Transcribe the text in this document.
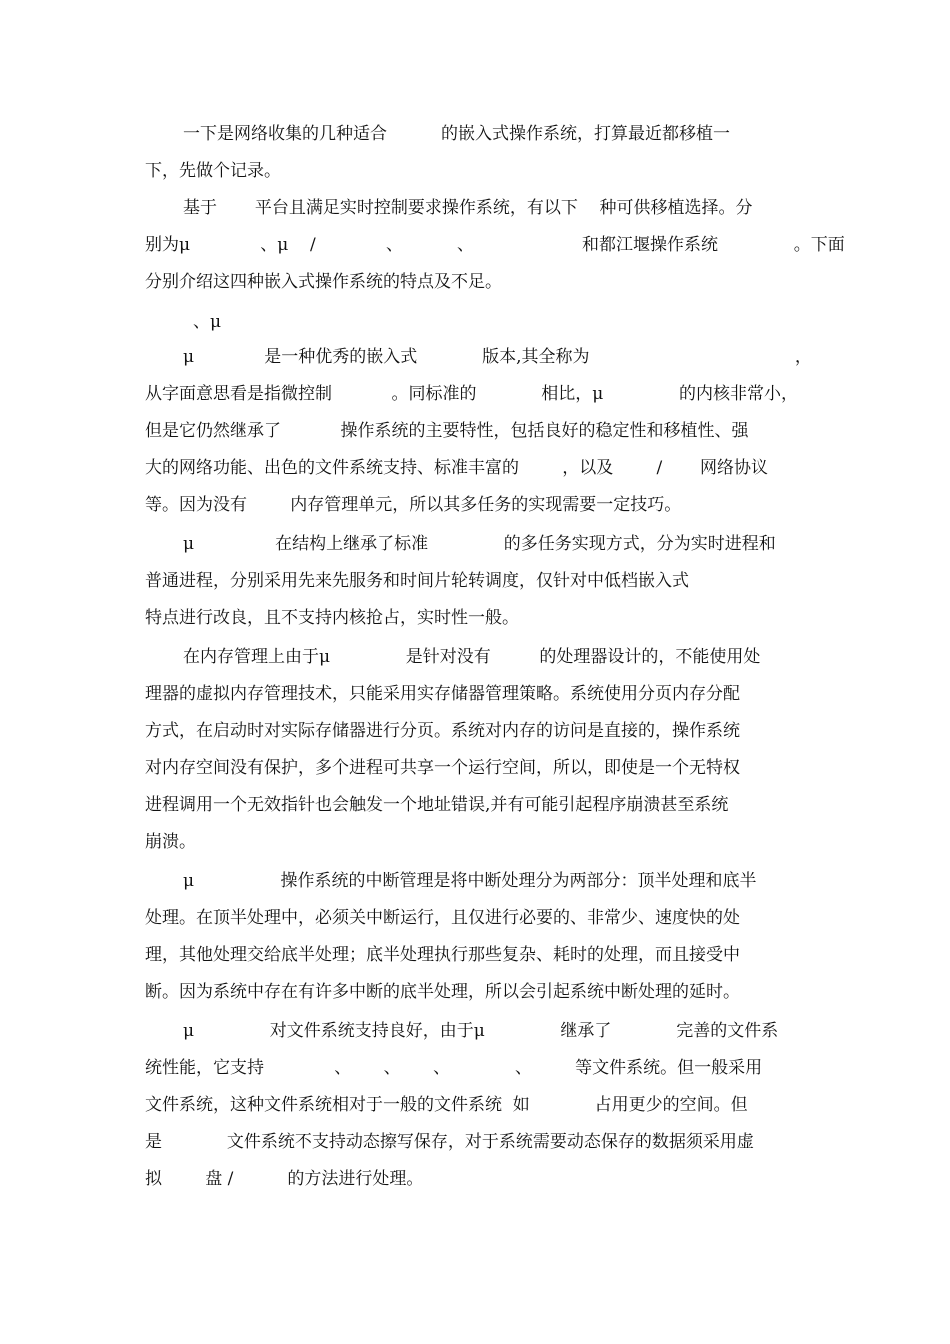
一下是网络收集的几种适合          的嵌入式操作系统，打算最近都移植一

下，先做个记录。

基于       平台且满足实时控制要求操作系统，有以下    种可供移植选择。分

别为μ             、μ    /             、          、                    和都江堰操作系统              。下面

分别介绍这四种嵌入式操作系统的特点及不足。

、μ

μ             是一种优秀的嵌入式            版本,其全称为                                      ，

从字面意思看是指微控制           。同标准的            相比，μ              的内核非常小，

但是它仍然继承了           操作系统的主要特性，包括良好的稳定性和移植性、强

大的网络功能、出色的文件系统支持、标准丰富的        ，以及        /       网络协议

等。因为没有        内存管理单元，所以其多任务的实现需要一定技巧。

μ               在结构上继承了标准              的多任务实现方式，分为实时进程和

普通进程，分别采用先来先服务和时间片轮转调度，仅针对中低档嵌入式

特点进行改良，且不支持内核抢占，实时性一般。

在内存管理上由于μ              是针对没有         的处理器设计的，不能使用处

理器的虚拟内存管理技术，只能采用实存储器管理策略。系统使用分页内存分配

方式，在启动时对实际存储器进行分页。系统对内存的访问是直接的，操作系统

对内存空间没有保护，多个进程可共享一个运行空间，所以，即使是一个无特权

进程调用一个无效指针也会触发一个地址错误,并有可能引起程序崩溃甚至系统

崩溃。

μ                操作系统的中断管理是将中断处理分为两部分：顶半处理和底半

处理。在顶半处理中，必须关中断运行，且仅进行必要的、非常少、速度快的处

理，其他处理交给底半处理；底半处理执行那些复杂、耗时的处理，而且接受中

断。因为系统中存在有许多中断的底半处理，所以会引起系统中断处理的延时。

μ              对文件系统支持良好，由于μ              继承了            完善的文件系

统性能，它支持             、      、      、            、        等文件系统。但一般采用

文件系统，这种文件系统相对于一般的文件系统  如            占用更少的空间。但

是            文件系统不支持动态擦写保存，对于系统需要动态保存的数据须采用虚

拟        盘 /          的方法进行处理。
